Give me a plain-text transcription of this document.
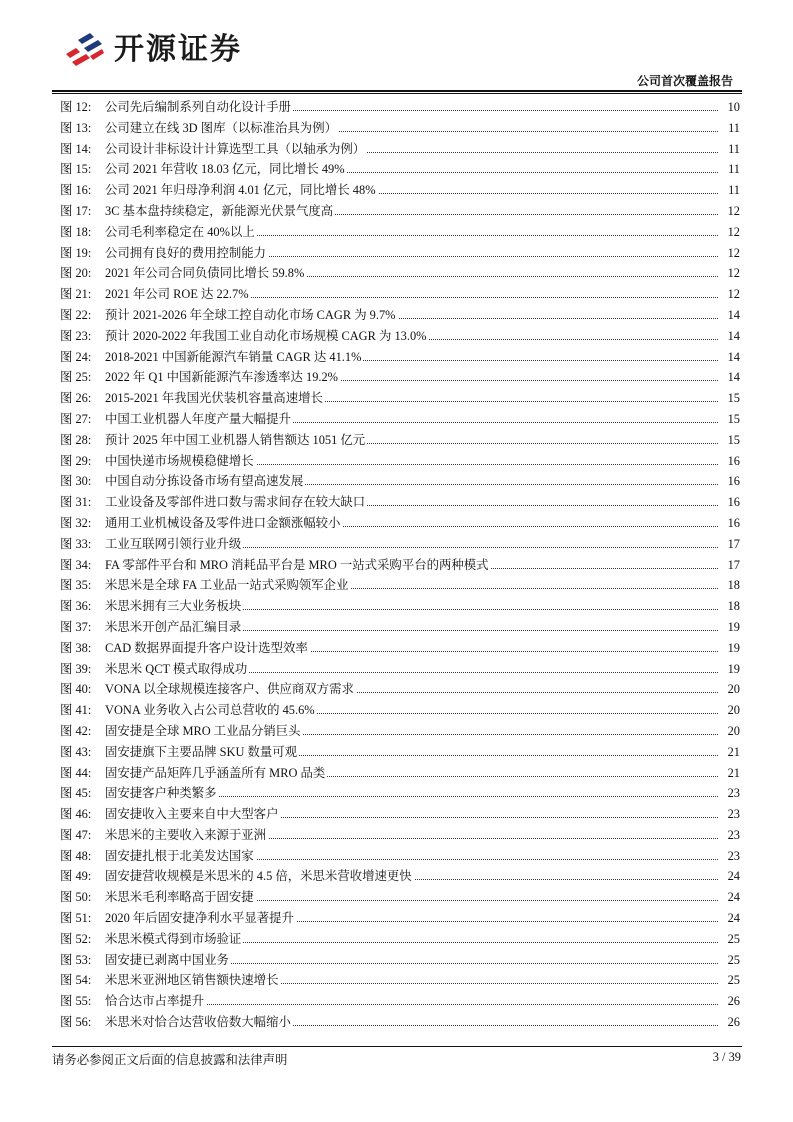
开源证券
公司首次覆盖报告
图 12: 公司先后编制系列自动化设计手册	10
图 13: 公司建立在线 3D 图库（以标准治具为例）	11
图 14: 公司设计非标设计计算选型工具（以轴承为例）	11
图 15: 公司 2021 年营收 18.03 亿元，同比增长 49%	11
图 16: 公司 2021 年归母净利润 4.01 亿元，同比增长 48%	11
图 17: 3C 基本盘持续稳定，新能源光伏景气度高	12
图 18: 公司毛利率稳定在 40%以上	12
图 19: 公司拥有良好的费用控制能力	12
图 20: 2021 年公司合同负债同比增长 59.8%	12
图 21: 2021 年公司 ROE 达 22.7%	12
图 22: 预计 2021-2026 年全球工控自动化市场 CAGR 为 9.7%	14
图 23: 预计 2020-2022 年我国工业自动化市场规模 CAGR 为 13.0%	14
图 24: 2018-2021 中国新能源汽车销量 CAGR 达 41.1%	14
图 25: 2022 年 Q1 中国新能源汽车渗透率达 19.2%	14
图 26: 2015-2021 年我国光伏装机容量高速增长	15
图 27: 中国工业机器人年度产量大幅提升	15
图 28: 预计 2025 年中国工业机器人销售额达 1051 亿元	15
图 29: 中国快递市场规模稳健增长	16
图 30: 中国自动分拣设备市场有望高速发展	16
图 31: 工业设备及零部件进口数与需求间存在较大缺口	16
图 32: 通用工业机械设备及零件进口金额涨幅较小	16
图 33: 工业互联网引领行业升级	17
图 34: FA 零部件平台和 MRO 消耗品平台是 MRO 一站式采购平台的两种模式	17
图 35: 米思米是全球 FA 工业品一站式采购领军企业	18
图 36: 米思米拥有三大业务板块	18
图 37: 米思米开创产品汇编目录	19
图 38: CAD 数据界面提升客户设计选型效率	19
图 39: 米思米 QCT 模式取得成功	19
图 40: VONA 以全球规模连接客户、供应商双方需求	20
图 41: VONA 业务收入占公司总营收的 45.6%	20
图 42: 固安捷是全球 MRO 工业品分销巨头	20
图 43: 固安捷旗下主要品牌 SKU 数量可观	21
图 44: 固安捷产品矩阵几乎涵盖所有 MRO 品类	21
图 45: 固安捷客户种类繁多	23
图 46: 固安捷收入主要来自中大型客户	23
图 47: 米思米的主要收入来源于亚洲	23
图 48: 固安捷扎根于北美发达国家	23
图 49: 固安捷营收规模是米思米的 4.5 倍，米思米营收增速更快	24
图 50: 米思米毛利率略高于固安捷	24
图 51: 2020 年后固安捷净利水平显著提升	24
图 52: 米思米模式得到市场验证	25
图 53: 固安捷已剥离中国业务	25
图 54: 米思米亚洲地区销售额快速增长	25
图 55: 恰合达市占率提升	26
图 56: 米思米对恰合达营收倍数大幅缩小	26
请务必参阅正文后面的信息披露和法律声明	3 / 39
